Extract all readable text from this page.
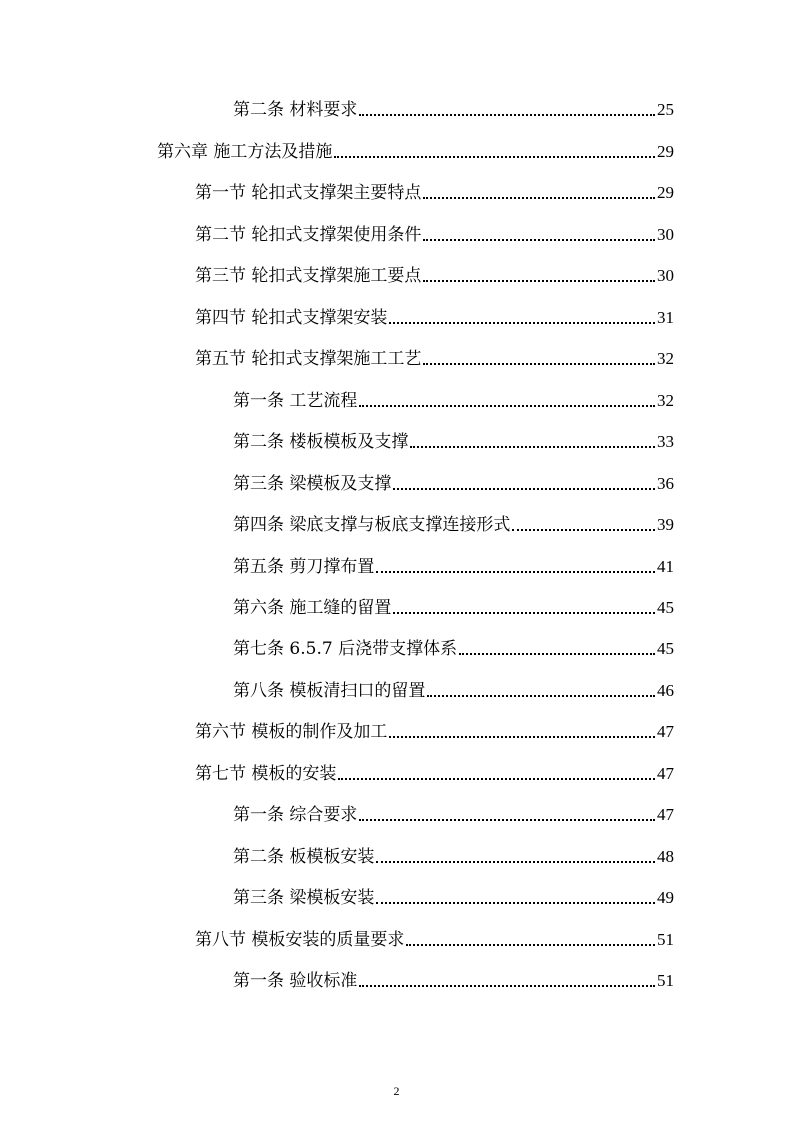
第二条 材料要求	25
第六章 施工方法及措施	29
第一节 轮扣式支撑架主要特点	29
第二节 轮扣式支撑架使用条件	30
第三节 轮扣式支撑架施工要点	30
第四节 轮扣式支撑架安装	31
第五节 轮扣式支撑架施工工艺	32
第一条 工艺流程	32
第二条 楼板模板及支撑	33
第三条 梁模板及支撑	36
第四条 梁底支撑与板底支撑连接形式	39
第五条 剪刀撑布置	41
第六条 施工缝的留置	45
第七条 6.5.7 后浇带支撑体系	45
第八条 模板清扫口的留置	46
第六节 模板的制作及加工	47
第七节 模板的安装	47
第一条 综合要求	47
第二条 板模板安装	48
第三条 梁模板安装	49
第八节 模板安装的质量要求	51
第一条 验收标准	51
2
